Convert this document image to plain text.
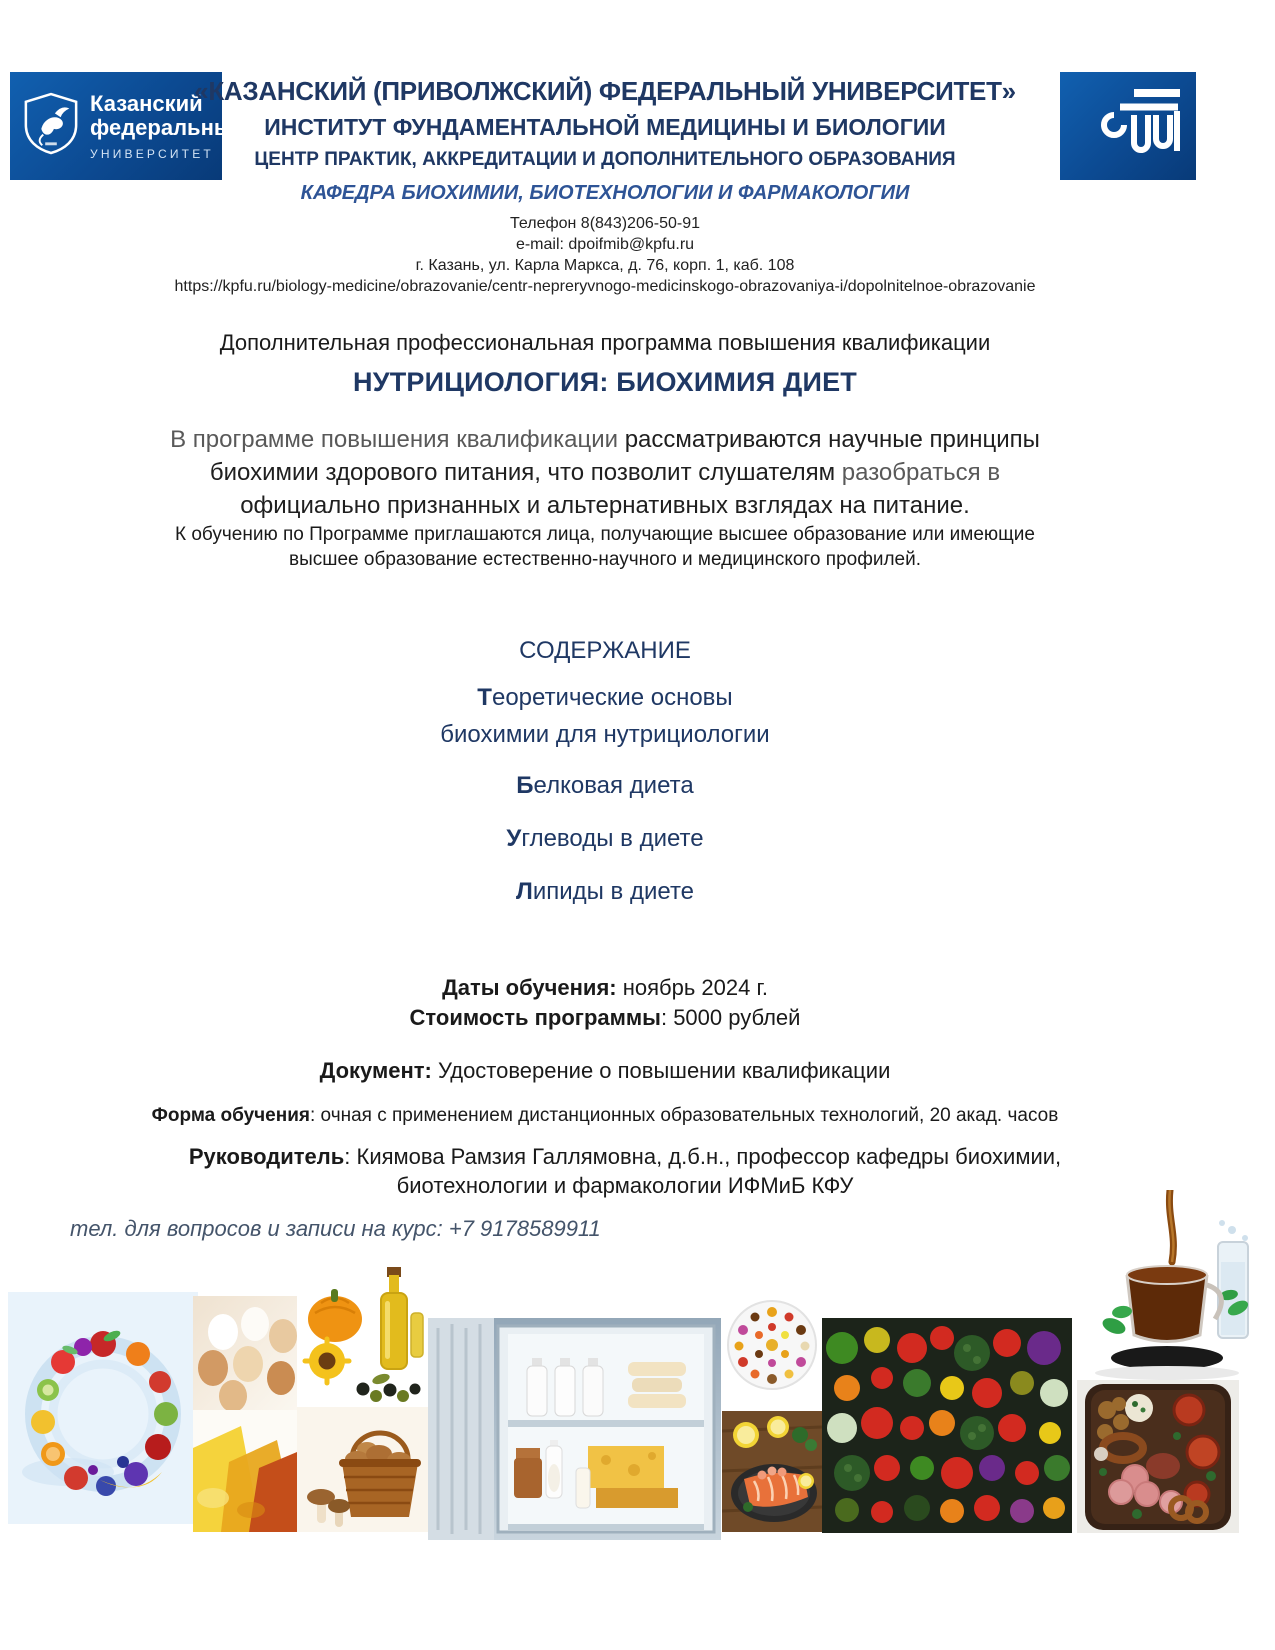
Казанский
федеральный
УНИВЕРСИТЕТ
«КАЗАНСКИЙ (ПРИВОЛЖСКИЙ) ФЕДЕРАЛЬНЫЙ УНИВЕРСИТЕТ»
ИНСТИТУТ ФУНДАМЕНТАЛЬНОЙ МЕДИЦИНЫ И БИОЛОГИИ
ЦЕНТР ПРАКТИК, АККРЕДИТАЦИИ И ДОПОЛНИТЕЛЬНОГО ОБРАЗОВАНИЯ
КАФЕДРА БИОХИМИИ, БИОТЕХНОЛОГИИ И ФАРМАКОЛОГИИ
Телефон 8(843)206-50-91
e-mail: dpoifmib@kpfu.ru
г. Казань, ул. Карла Маркса, д. 76, корп. 1, каб. 108
https://kpfu.ru/biology-medicine/obrazovanie/centr-nepreryvnogo-medicinskogo-obrazovaniya-i/dopolnitelnoe-obrazovanie
Дополнительная профессиональная программа повышения квалификации
НУТРИЦИОЛОГИЯ: БИОХИМИЯ ДИЕТ
В программе повышения квалификации рассматриваются научные принципы биохимии здорового питания, что позволит слушателям разобраться в официально признанных и альтернативных взглядах на питание.
К обучению по Программе приглашаются лица, получающие высшее образование или имеющие высшее образование естественно-научного и медицинского профилей.
СОДЕРЖАНИЕ
Теоретические основы
биохимии для нутрициологии
Белковая диета
Углеводы в диете
Липиды в диете
Даты обучения: ноябрь 2024 г.
Стоимость программы: 5000 рублей
Документ: Удостоверение о повышении квалификации
Форма обучения: очная с применением дистанционных образовательных технологий, 20 акад. часов
Руководитель: Киямова Рамзия Галлямовна, д.б.н., профессор кафедры биохимии, биотехнологии и фармакологии ИФМиБ КФУ
тел. для вопросов и записи на курс: +7 9178589911
